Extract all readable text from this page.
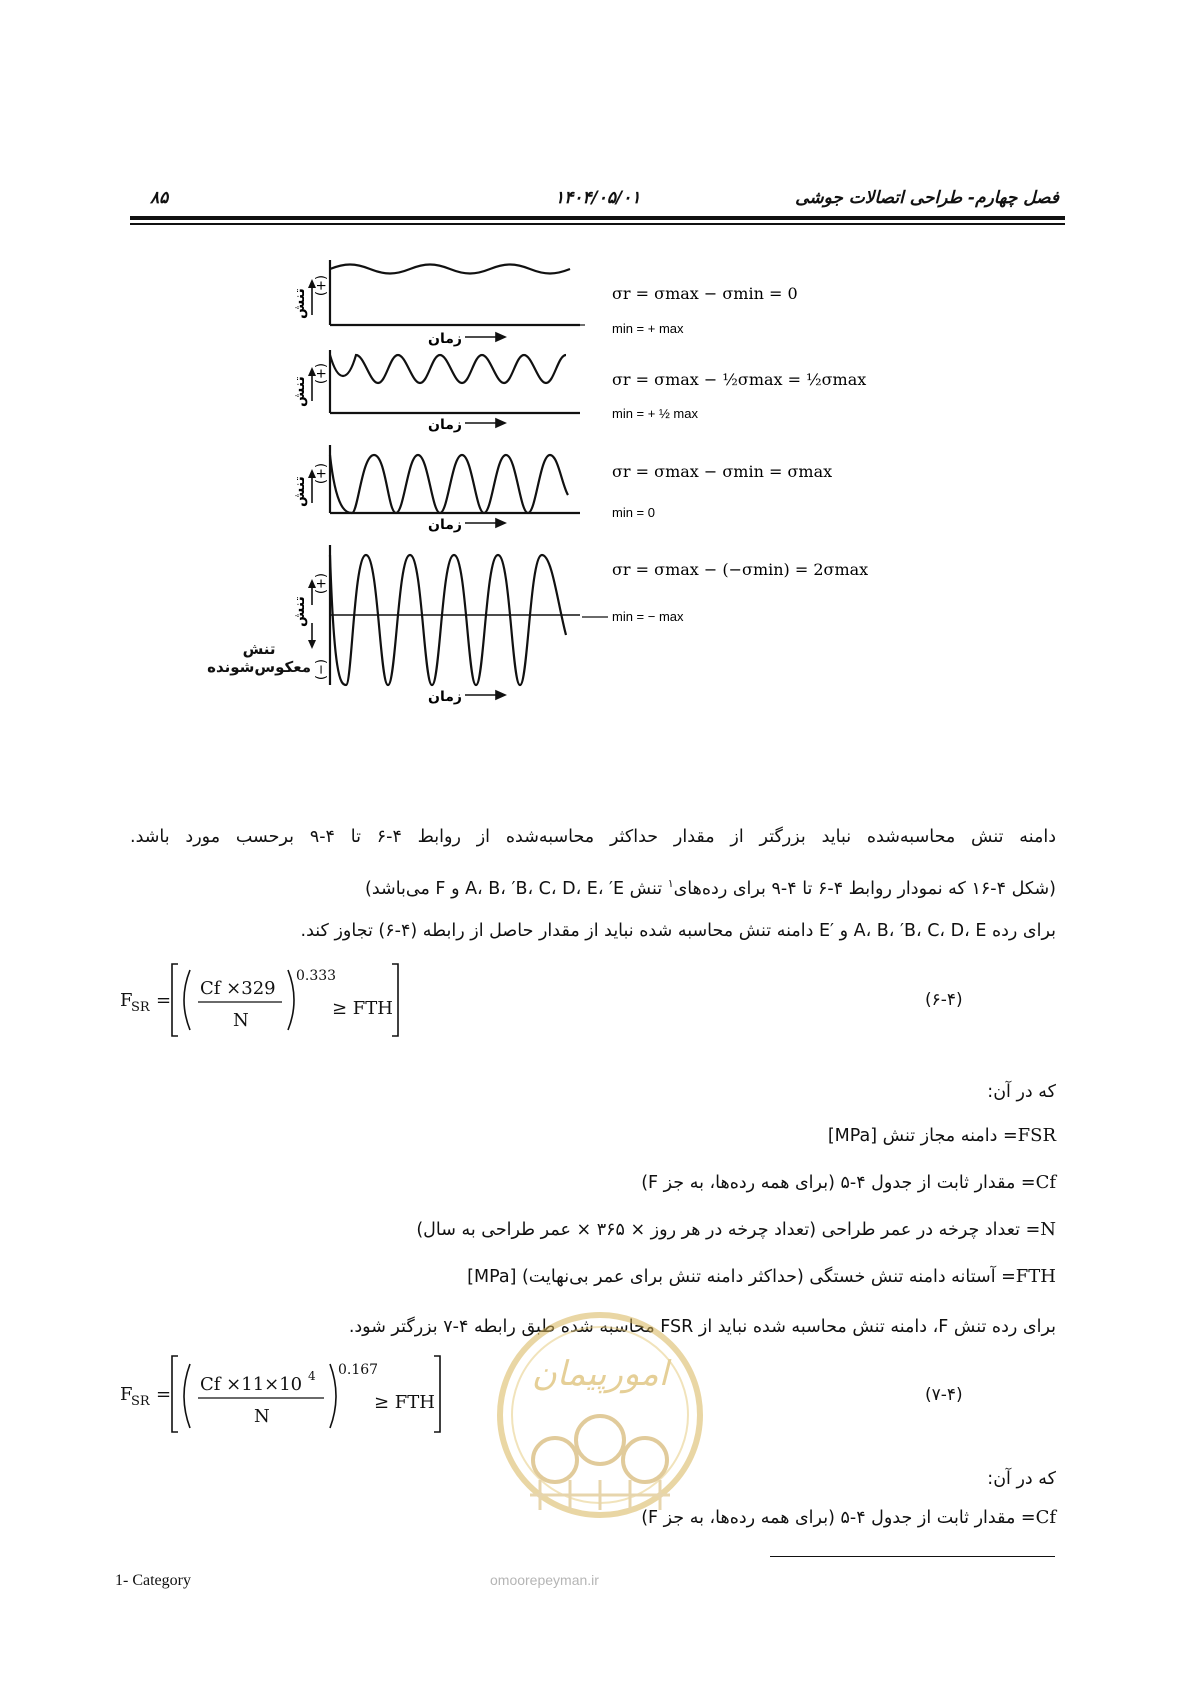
فصل چهارم- طراحی اتصالات جوشی
۱۴۰۴/۰۵/۰۱
۸۵
زمان
زمان
زمان
زمان
تنش
تنش
تنش
تنش
(+)
(+)
(+)
(+)
(−)
σr = σmax − σmin = 0
min = + max
σr = σmax − ½σmax = ½σmax
min = + ½ max
σr = σmax − σmin = σmax
min = 0
σr = σmax − (−σmin) = 2σmax
min = − max
تنش
معکوس‌شونده
دامنه تنش محاسبه‌شده نباید بزرگتر از مقدار حداکثر محاسبه‌شده از روابط ۴-۶ تا ۴-۹ برحسب مورد باشد.
(شکل ۴-۱۶ که نمودار روابط ۴-۶ تا ۴-۹ برای رده‌های$^۱$ تنش A، B، ′B، C، D، E، ′E و F می‌باشد)
برای رده A، B، ′B، C، D، E و ′E دامنه تنش محاسبه شده نباید از مقدار حاصل از رابطه (۴-۶) تجاوز کند.
F
SR =
Cf ×329
N
0.333
≥ FTH	(۶-۴)
که در آن:
FSR= دامنه مجاز تنش [MPa]
Cf= مقدار ثابت از جدول ۴-۵ (برای همه رده‌ها، به جز F)
N= تعداد چرخه در عمر طراحی (تعداد چرخه در هر روز × ۳۶۵ × عمر طراحی به سال)
FTH= آستانه دامنه تنش خستگی (حداکثر دامنه تنش برای عمر بی‌نهایت) [MPa]
برای رده تنش F، دامنه تنش محاسبه شده نباید از FSR محاسبه شده طبق رابطه ۴-۷ بزرگتر شود.
F
SR = Cf ×11×10 4
N
0.167
≥ FTH	(۷-۴)
امورپیمان
omoorepeyman.ir
که در آن:
Cf= مقدار ثابت از جدول ۴-۵ (برای همه رده‌ها، به جز F)
1- Category
